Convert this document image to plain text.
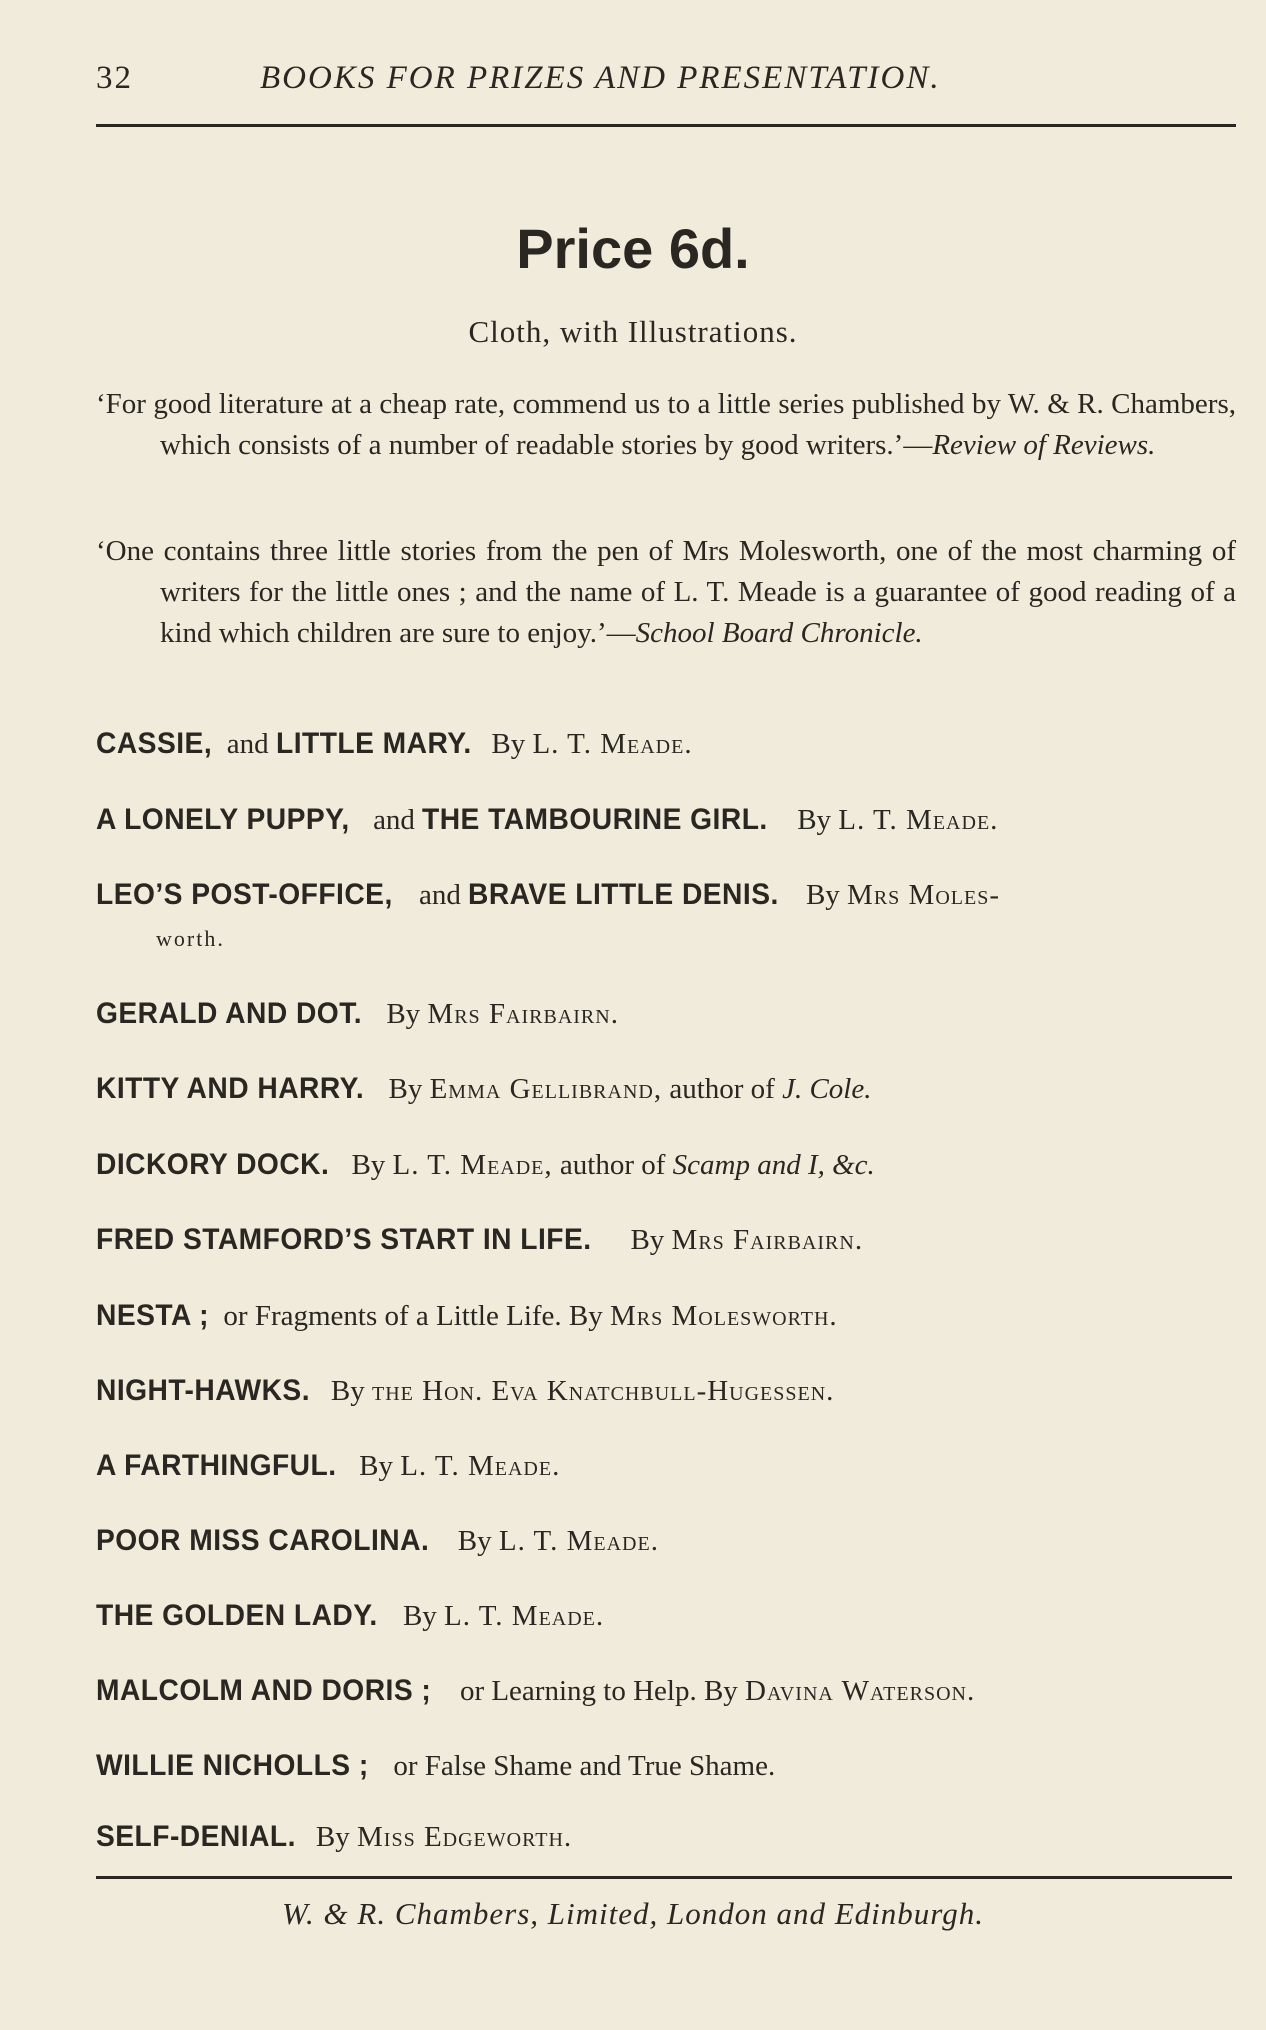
32	BOOKS FOR PRIZES AND PRESENTATION.
Price 6d.
Cloth, with Illustrations.
‘For good literature at a cheap rate, commend us to a little series published by W. & R. Chambers, which consists of a number of readable stories by good writers.’—Review of Reviews.
‘One contains three little stories from the pen of Mrs Molesworth, one of the most charming of writers for the little ones ; and the name of L. T. Meade is a guarantee of good reading of a kind which children are sure to enjoy.’—School Board Chronicle.
CASSIE, and LITTLE MARY. By L. T. Meade.
A LONELY PUPPY, and THE TAMBOURINE GIRL. By L. T. Meade.
LEO’S POST-OFFICE, and BRAVE LITTLE DENIS. By Mrs Moles-
worth.
GERALD AND DOT. By Mrs Fairbairn.
KITTY AND HARRY. By Emma Gellibrand, author of J. Cole.
DICKORY DOCK. By L. T. Meade, author of Scamp and I, &c.
FRED STAMFORD’S START IN LIFE. By Mrs Fairbairn.
NESTA ; or Fragments of a Little Life. By Mrs Molesworth.
NIGHT-HAWKS. By the Hon. Eva Knatchbull-Hugessen.
A FARTHINGFUL. By L. T. Meade.
POOR MISS CAROLINA. By L. T. Meade.
THE GOLDEN LADY. By L. T. Meade.
MALCOLM AND DORIS ; or Learning to Help. By Davina Waterson.
WILLIE NICHOLLS ; or False Shame and True Shame.
SELF-DENIAL. By Miss Edgeworth.
W. & R. Chambers, Limited, London and Edinburgh.
